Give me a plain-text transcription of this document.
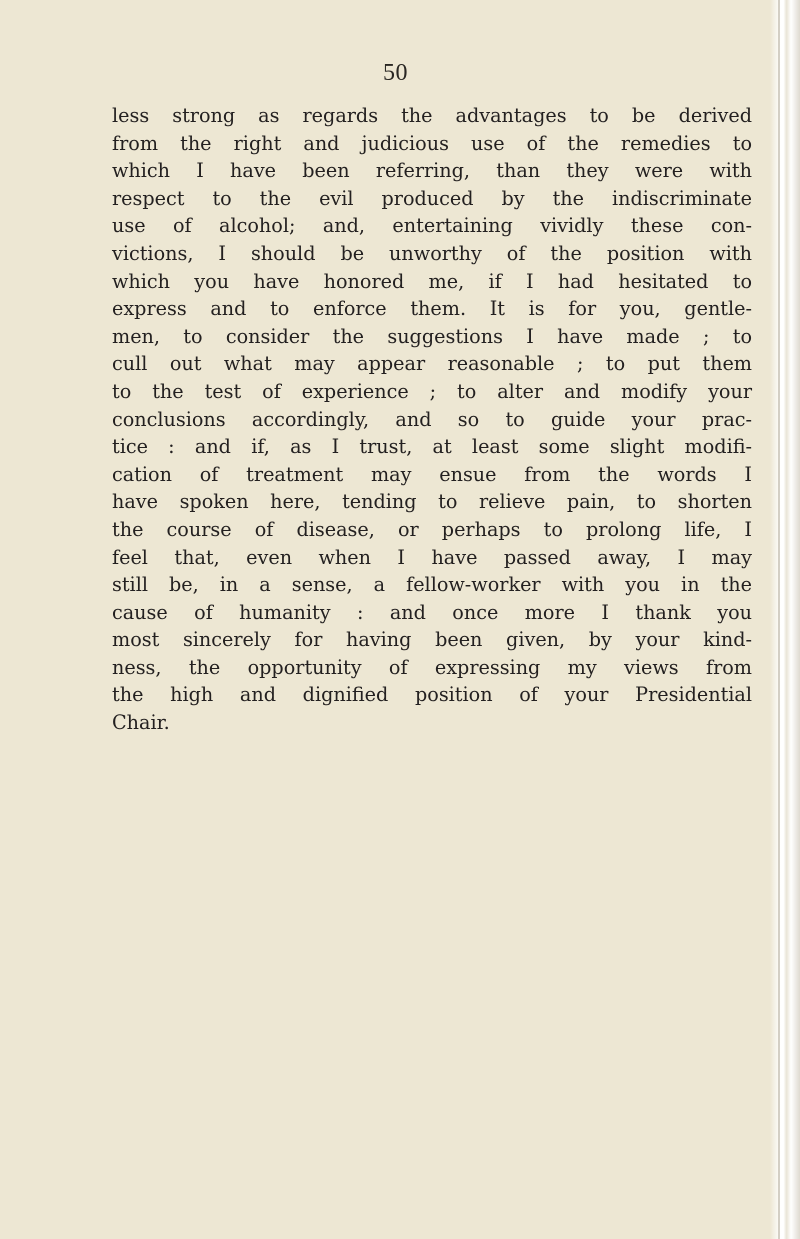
50
less strong as regards the advantages to be derived
from the right and judicious use of the remedies to
which I have been referring, than they were with
respect to the evil produced by the indiscriminate
use of alcohol; and, entertaining vividly these con-
victions, I should be unworthy of the position with
which you have honored me, if I had hesitated to
express and to enforce them. It is for you, gentle-
men, to consider the suggestions I have made ; to
cull out what may appear reasonable ; to put them
to the test of experience ; to alter and modify your
conclusions accordingly, and so to guide your prac-
tice : and if, as I trust, at least some slight modifi-
cation of treatment may ensue from the words I
have spoken here, tending to relieve pain, to shorten
the course of disease, or perhaps to prolong life, I
feel that, even when I have passed away, I may
still be, in a sense, a fellow-worker with you in the
cause of humanity : and once more I thank you
most sincerely for having been given, by your kind-
ness, the opportunity of expressing my views from
the high and dignified position of your Presidential
Chair.
